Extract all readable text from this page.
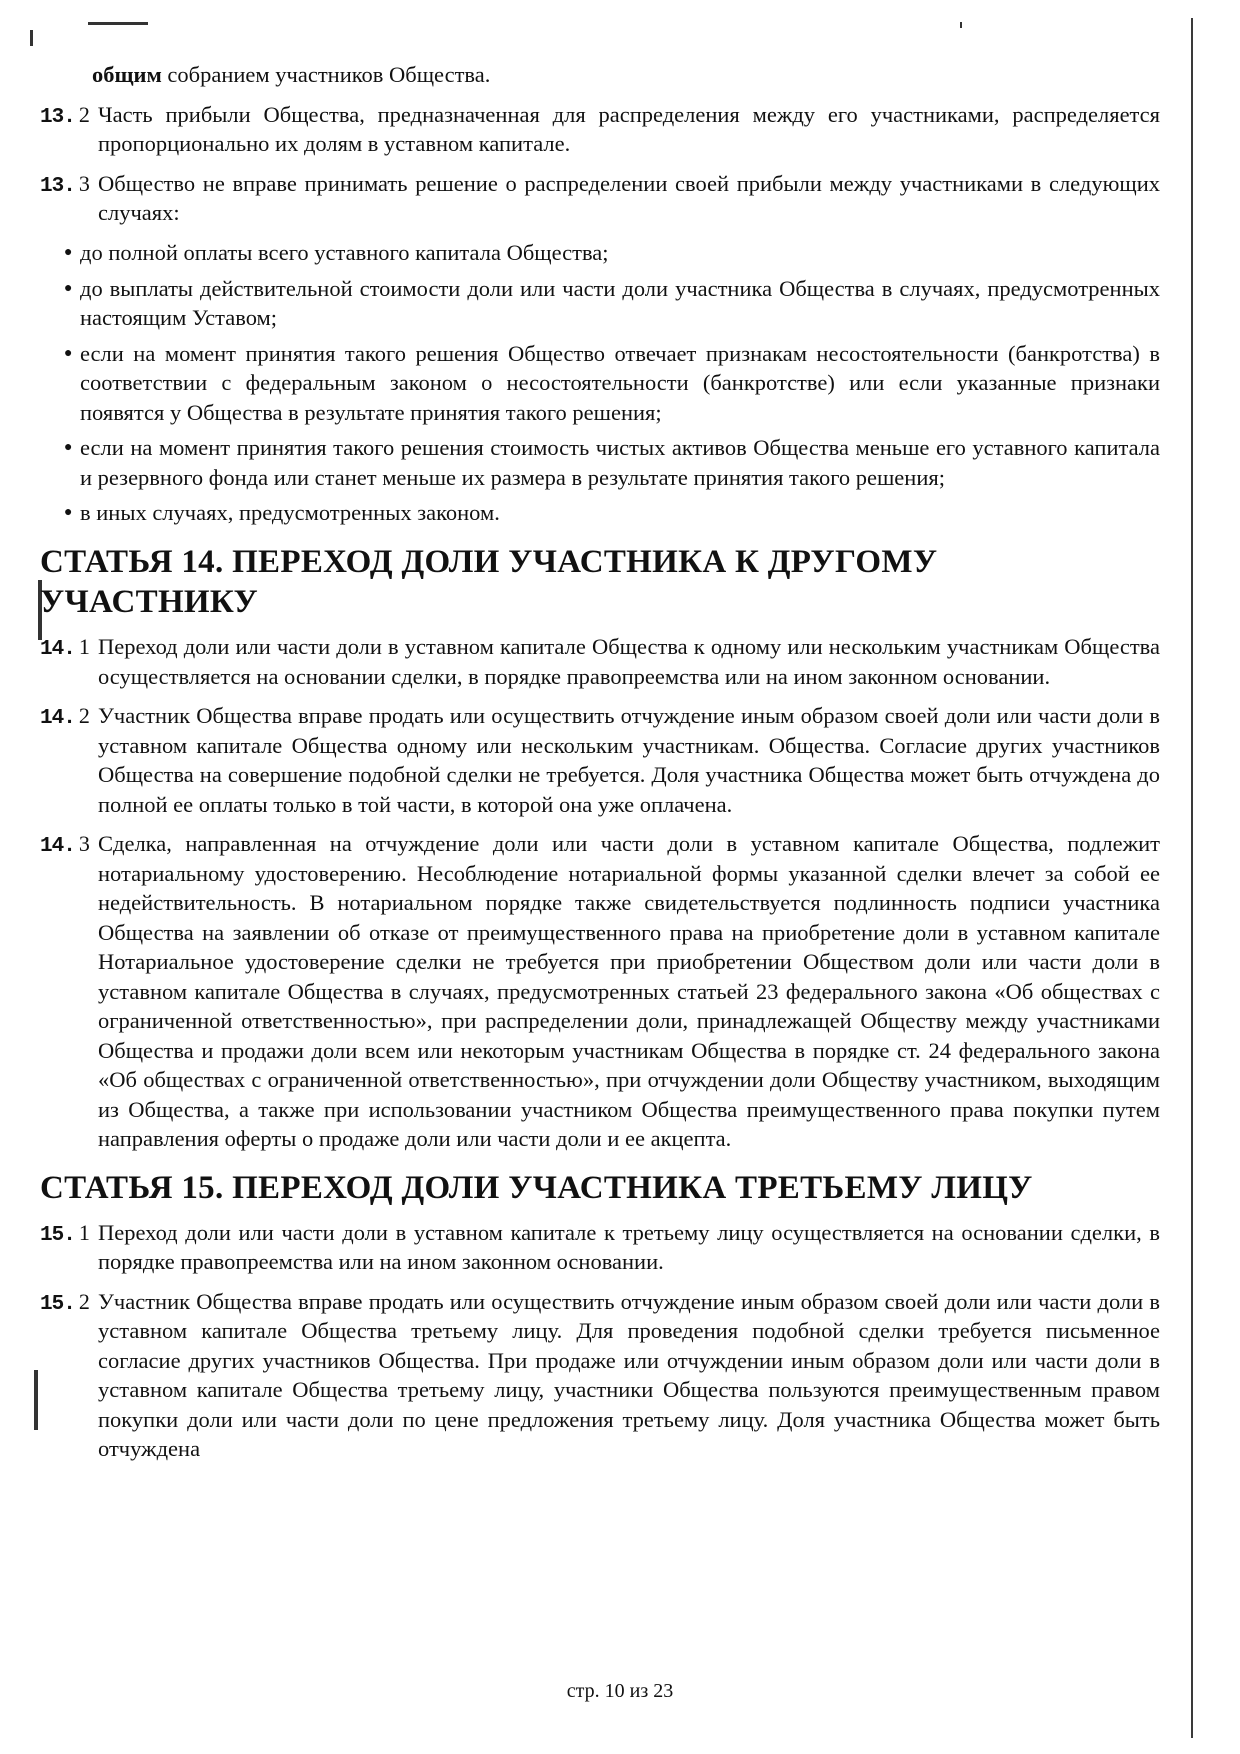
общим собранием участников Общества.
13. 2 Часть прибыли Общества, предназначенная для распределения между его участниками, распределяется пропорционально их долям в уставном капитале.
13. 3 Общество не вправе принимать решение о распределении своей прибыли между участниками в следующих случаях:
● до полной оплаты всего уставного капитала Общества;
● до выплаты действительной стоимости доли или части доли участника Общества в случаях, предусмотренных настоящим Уставом;
● если на момент принятия такого решения Общество отвечает признакам несостоятельности (банкротства) в соответствии с федеральным законом о несостоятельности (банкротстве) или если указанные признаки появятся у Общества в результате принятия такого решения;
● если на момент принятия такого решения стоимость чистых активов Общества меньше его уставного капитала и резервного фонда или станет меньше их размера в результате принятия такого решения;
● в иных случаях, предусмотренных законом.
СТАТЬЯ 14. ПЕРЕХОД ДОЛИ УЧАСТНИКА К ДРУГОМУ УЧАСТНИКУ
14. 1 Переход доли или части доли в уставном капитале Общества к одному или нескольким участникам Общества осуществляется на основании сделки, в порядке правопреемства или на ином законном основании.
14. 2 Участник Общества вправе продать или осуществить отчуждение иным образом своей доли или части доли в уставном капитале Общества одному или нескольким участникам. Общества. Согласие других участников Общества на совершение подобной сделки не требуется. Доля участника Общества может быть отчуждена до полной ее оплаты только в той части, в которой она уже оплачена.
14. 3 Сделка, направленная на отчуждение доли или части доли в уставном капитале Общества, подлежит нотариальному удостоверению. Несоблюдение нотариальной формы указанной сделки влечет за собой ее недействительность. В нотариальном порядке также свидетельствуется подлинность подписи участника Общества на заявлении об отказе от преимущественного права на приобретение доли в уставном капитале Нотариальное удостоверение сделки не требуется при приобретении Обществом доли или части доли в уставном капитале Общества в случаях, предусмотренных статьей 23 федерального закона «Об обществах с ограниченной ответственностью», при распределении доли, принадлежащей Обществу между участниками Общества и продажи доли всем или некоторым участникам Общества в порядке ст. 24 федерального закона «Об обществах с ограниченной ответственностью», при отчуждении доли Обществу участником, выходящим из Общества, а также при использовании участником Общества преимущественного права покупки путем направления оферты о продаже доли или части доли и ее акцепта.
СТАТЬЯ 15. ПЕРЕХОД ДОЛИ УЧАСТНИКА ТРЕТЬЕМУ ЛИЦУ
15. 1 Переход доли или части доли в уставном капитале к третьему лицу осуществляется на основании сделки, в порядке правопреемства или на ином законном основании.
15. 2 Участник Общества вправе продать или осуществить отчуждение иным образом своей доли или части доли в уставном капитале Общества третьему лицу. Для проведения подобной сделки требуется письменное согласие других участников Общества. При продаже или отчуждении иным образом доли или части доли в уставном капитале Общества третьему лицу, участники Общества пользуются преимущественным правом покупки доли или части доли по цене предложения третьему лицу. Доля участника Общества может быть отчуждена
стр. 10 из 23
